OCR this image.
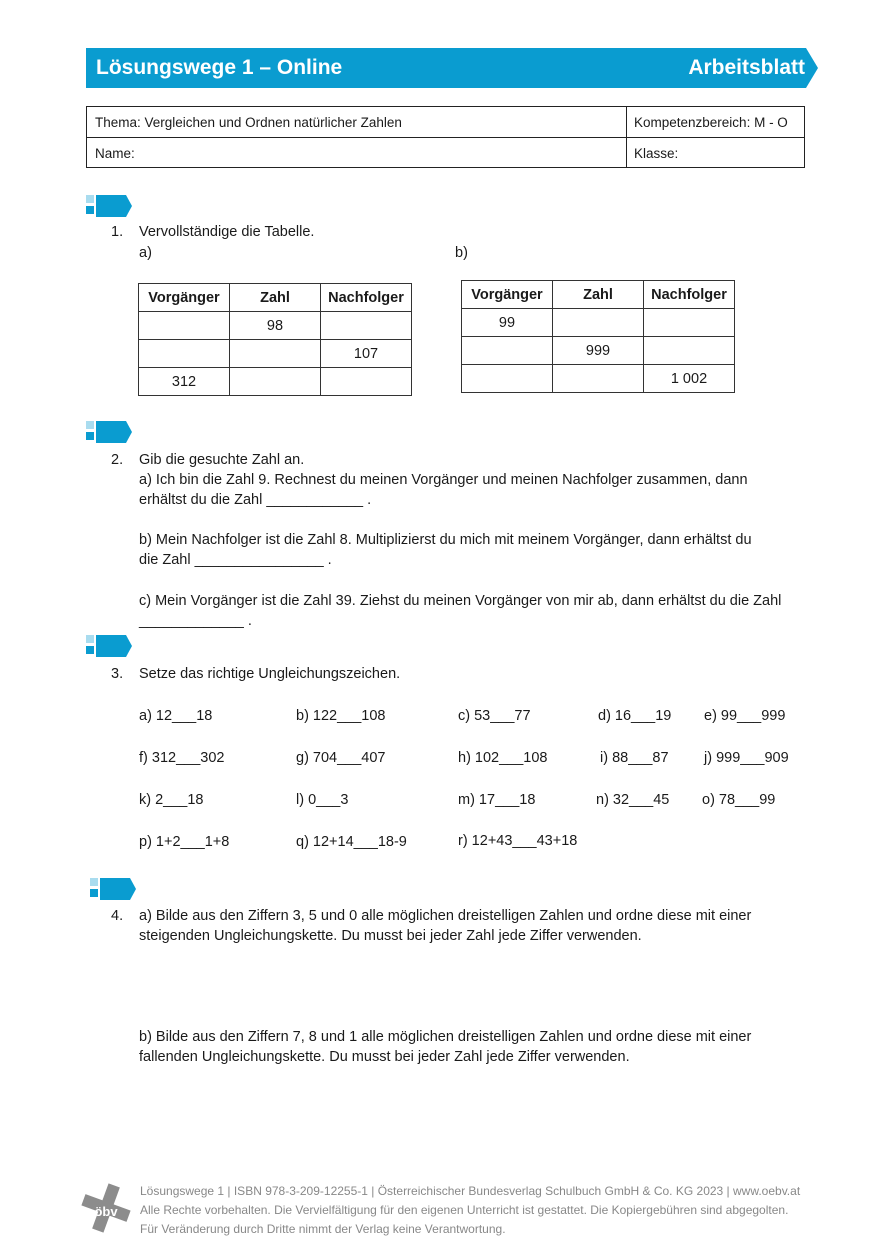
Lösungswege 1 – Online	Arbeitsblatt
Thema: Vergleichen und Ordnen natürlicher Zahlen	Kompetenzbereich: M - O
Name:	Klasse:
1. Vervollständige die Tabelle.
a)	b)
Vorgänger	Zahl	Nachfolger
	98	
		107
312		
Vorgänger	Zahl	Nachfolger
99		
	999	
		1 002
2. Gib die gesuchte Zahl an.
a) Ich bin die Zahl 9. Rechnest du meinen Vorgänger und meinen Nachfolger zusammen, dann
erhältst du die Zahl ____________ .
b) Mein Nachfolger ist die Zahl 8. Multiplizierst du mich mit meinem Vorgänger, dann erhältst du
die Zahl ________________ .
c) Mein Vorgänger ist die Zahl 39. Ziehst du meinen Vorgänger von mir ab, dann erhältst du die Zahl
_____________ .
3. Setze das richtige Ungleichungszeichen.
a) 12___18	b) 122___108	c) 53___77	d) 16___19 e) 99___999
f) 312___302	g) 704___407	h) 102___108	i) 88___87 j) 999___909
k) 2___18	l) 0___3	m) 17___18	n) 32___45 o) 78___99
p) 1+2___1+8	q) 12+14___18-9	r) 12+43___43+18
4. a) Bilde aus den Ziffern 3, 5 und 0 alle möglichen dreistelligen Zahlen und ordne diese mit einer
steigenden Ungleichungskette. Du musst bei jeder Zahl jede Ziffer verwenden.
b) Bilde aus den Ziffern 7, 8 und 1 alle möglichen dreistelligen Zahlen und ordne diese mit einer
fallenden Ungleichungskette. Du musst bei jeder Zahl jede Ziffer verwenden.
öbv
Lösungswege 1 | ISBN 978-3-209-12255-1 | Österreichischer Bundesverlag Schulbuch GmbH & Co. KG 2023 | www.oebv.at
Alle Rechte vorbehalten. Die Vervielfältigung für den eigenen Unterricht ist gestattet. Die Kopiergebühren sind abgegolten.
Für Veränderung durch Dritte nimmt der Verlag keine Verantwortung.
